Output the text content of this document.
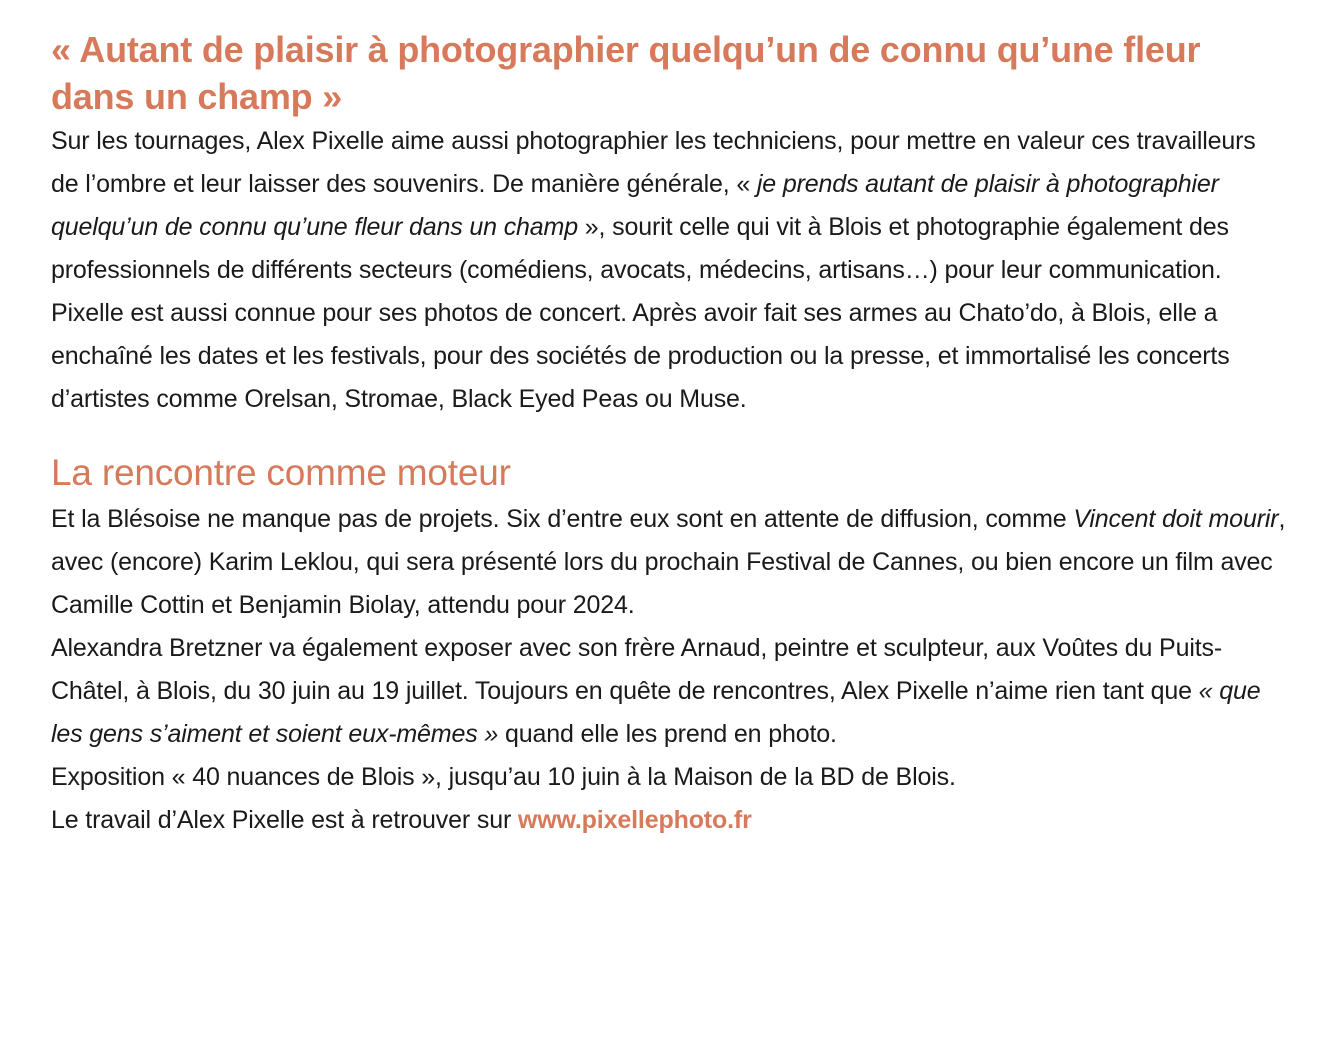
« Autant de plaisir à photographier quelqu’un de connu qu’une fleur dans un champ »

Sur les tournages, Alex Pixelle aime aussi photographier les techniciens, pour mettre en valeur ces travailleurs de l’ombre et leur laisser des souvenirs. De manière générale, « je prends autant de plaisir à photographier quelqu’un de connu qu’une fleur dans un champ », sourit celle qui vit à Blois et photographie également des professionnels de différents secteurs (comédiens, avocats, médecins, artisans…) pour leur communication.

Pixelle est aussi connue pour ses photos de concert. Après avoir fait ses armes au Chato’do, à Blois, elle a enchaîné les dates et les festivals, pour des sociétés de production ou la presse, et immortalisé les concerts d’artistes comme Orelsan, Stromae, Black Eyed Peas ou Muse.

La rencontre comme moteur

Et la Blésoise ne manque pas de projets. Six d’entre eux sont en attente de diffusion, comme Vincent doit mourir, avec (encore) Karim Leklou, qui sera présenté lors du prochain Festival de Cannes, ou bien encore un film avec Camille Cottin et Benjamin Biolay, attendu pour 2024.

Alexandra Bretzner va également exposer avec son frère Arnaud, peintre et sculpteur, aux Voûtes du Puits-Châtel, à Blois, du 30 juin au 19 juillet. Toujours en quête de rencontres, Alex Pixelle n’aime rien tant que « que les gens s’aiment et soient eux-mêmes » quand elle les prend en photo.

Exposition « 40 nuances de Blois », jusqu’au 10 juin à la Maison de la BD de Blois.
Le travail d’Alex Pixelle est à retrouver sur www.pixellephoto.fr
